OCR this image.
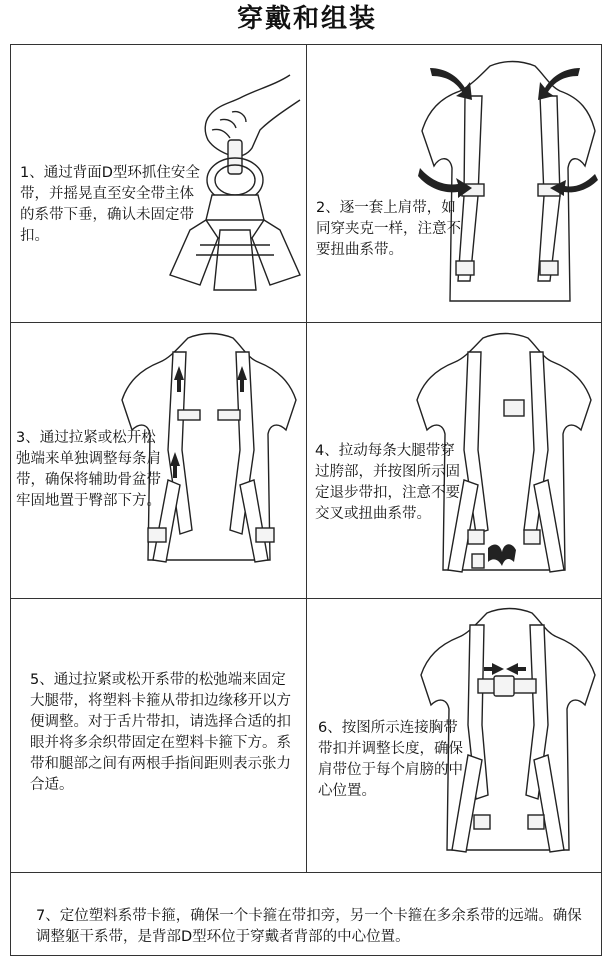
穿戴和组装
1、通过背面D型环抓住安全带，并摇晃直至安全带主体的系带下垂，确认未固定带扣。
2、逐一套上肩带，如同穿夹克一样，注意不要扭曲系带。
3、通过拉紧或松开松弛端来单独调整每条肩带，确保将辅助骨盆带牢固地置于臀部下方。
4、拉动每条大腿带穿过胯部，并按图所示固定退步带扣，注意不要交叉或扭曲系带。
5、通过拉紧或松开系带的松弛端来固定大腿带，将塑料卡箍从带扣边缘移开以方便调整。对于舌片带扣，请选择合适的扣眼并将多余织带固定在塑料卡箍下方。系带和腿部之间有两根手指间距则表示张力合适。
6、按图所示连接胸带带扣并调整长度，确保肩带位于每个肩膀的中心位置。
7、定位塑料系带卡箍，确保一个卡箍在带扣旁，另一个卡箍在多余系带的远端。确保调整躯干系带，是背部D型环位于穿戴者背部的中心位置。
